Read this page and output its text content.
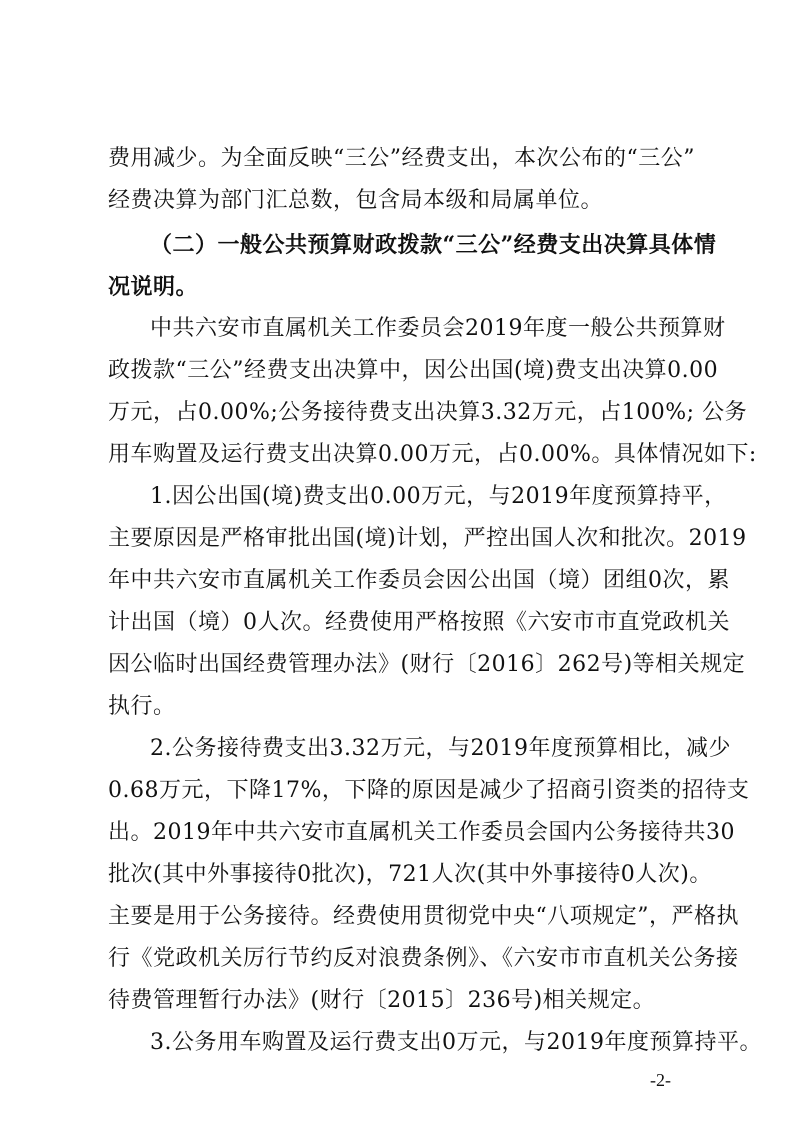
费用减少。为全面反映“三公”经费支出，本次公布的“三公”
经费决算为部门汇总数，包含局本级和局属单位。
（二）一般公共预算财政拨款“三公”经费支出决算具体情
况说明。
中共六安市直属机关工作委员会2019年度一般公共预算财
政拨款“三公”经费支出决算中，因公出国(境)费支出决算0.00
万元，占0.00%;公务接待费支出决算3.32万元，占100%; 公务
用车购置及运行费支出决算0.00万元，占0.00%。具体情况如下:
1.因公出国(境)费支出0.00万元，与2019年度预算持平，
主要原因是严格审批出国(境)计划，严控出国人次和批次。2019
年中共六安市直属机关工作委员会因公出国（境）团组0次，累
计出国（境）0人次。经费使用严格按照《六安市市直党政机关
因公临时出国经费管理办法》(财行〔2016〕262号)等相关规定
执行。
2.公务接待费支出3.32万元，与2019年度预算相比，减少
0.68万元，下降17%，下降的原因是减少了招商引资类的招待支
出。2019年中共六安市直属机关工作委员会国内公务接待共30
批次(其中外事接待0批次)，721人次(其中外事接待0人次)。
主要是用于公务接待。经费使用贯彻党中央“八项规定”，严格执
行《党政机关厉行节约反对浪费条例》、《六安市市直机关公务接
待费管理暂行办法》(财行〔2015〕236号)相关规定。
3.公务用车购置及运行费支出0万元，与2019年度预算持平。
-2-
